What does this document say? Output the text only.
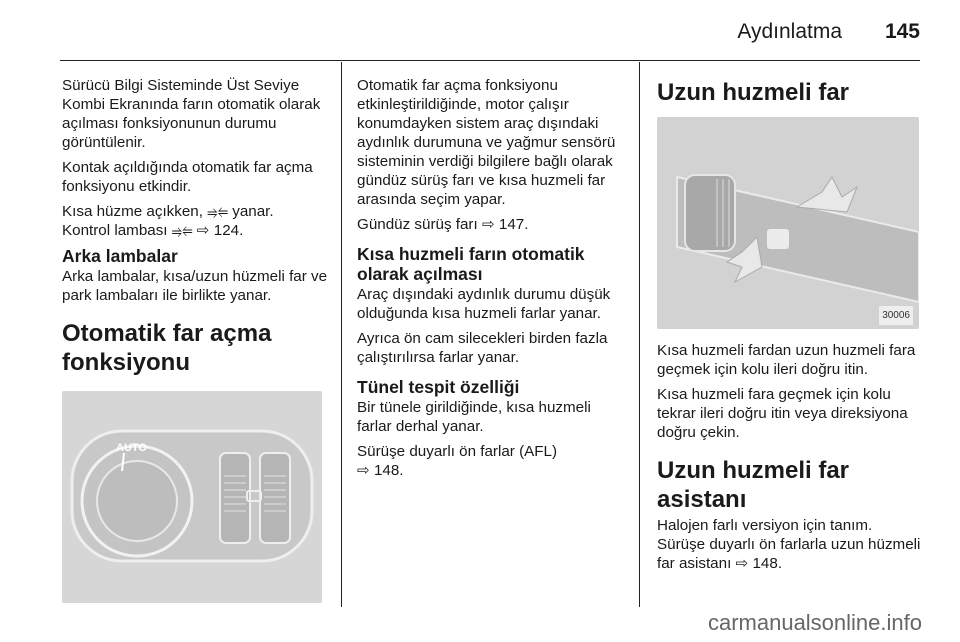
Aydınlatma 145

Sürücü Bilgi Sisteminde Üst Seviye Kombi Ekranında farın otomatik olarak açılması fonksiyonunun durumu görüntülenir.

Kontak açıldığında otomatik far açma fonksiyonu etkindir.

Kısa hüzme açıkken, ⥤⥢ yanar.
Kontrol lambası ⥤⥢ ⇨ 124.

Arka lambalar

Arka lambalar, kısa/uzun hüzmeli far ve park lambaları ile birlikte yanar.

Otomatik far açma fonksiyonu
AUTO

Otomatik far açma fonksiyonu etkinleştirildiğinde, motor çalışır konumdayken sistem araç dışındaki aydınlık durumuna ve yağmur sensörü sisteminin verdiği bilgilere bağlı olarak gündüz sürüş farı ve kısa huzmeli far arasında seçim yapar.

Gündüz sürüş farı ⇨ 147.

Kısa huzmeli farın otomatik olarak açılması

Araç dışındaki aydınlık durumu düşük olduğunda kısa huzmeli farlar yanar.

Ayrıca ön cam silecekleri birden fazla çalıştırılırsa farlar yanar.

Tünel tespit özelliği

Bir tünele girildiğinde, kısa huzmeli farlar derhal yanar.

Sürüşe duyarlı ön farlar (AFL)
⇨ 148.

Uzun huzmeli far
30006

Kısa huzmeli fardan uzun huzmeli fara geçmek için kolu ileri doğru itin.

Kısa huzmeli fara geçmek için kolu tekrar ileri doğru itin veya direksiyona doğru çekin.

Uzun huzmeli far asistanı

Halojen farlı versiyon için tanım. Sürüşe duyarlı ön farlarla uzun hüzmeli far asistanı ⇨ 148.

carmanualsonline.info
